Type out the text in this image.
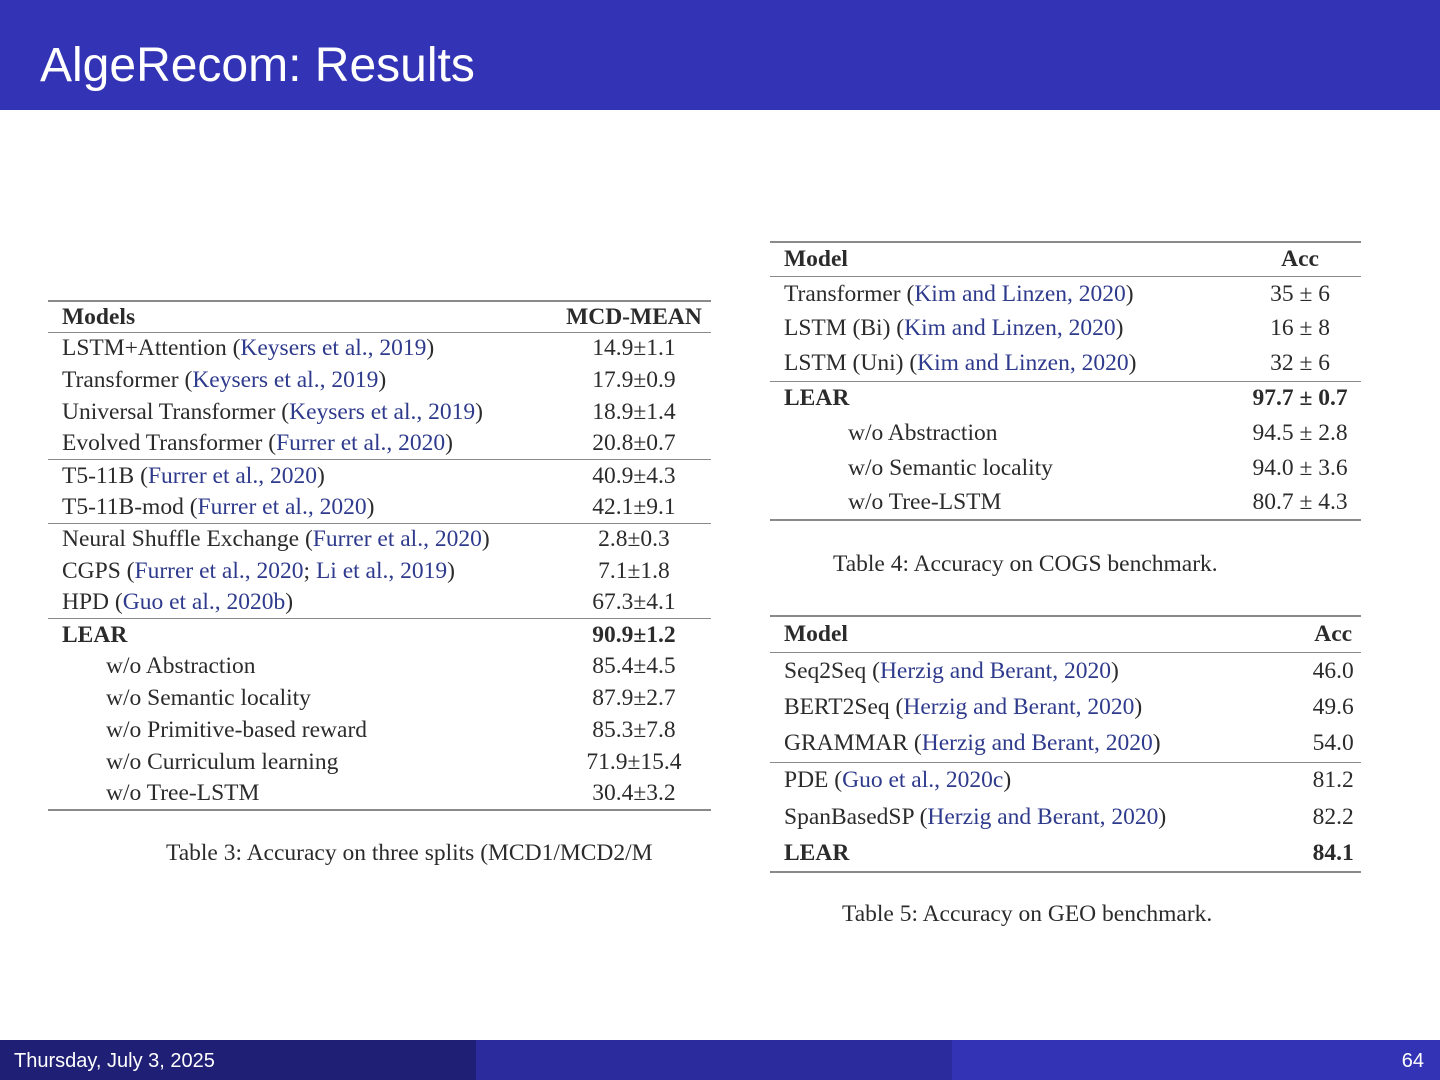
AlgeRecom: Results
Models	MCD-MEAN
LSTM+Attention (Keysers et al., 2019)	14.9±1.1
Transformer (Keysers et al., 2019)	17.9±0.9
Universal Transformer (Keysers et al., 2019)	18.9±1.4
Evolved Transformer (Furrer et al., 2020)	20.8±0.7
T5-11B (Furrer et al., 2020)	40.9±4.3
T5-11B-mod (Furrer et al., 2020)	42.1±9.1
Neural Shuffle Exchange (Furrer et al., 2020)	2.8±0.3
CGPS (Furrer et al., 2020; Li et al., 2019)	7.1±1.8
HPD (Guo et al., 2020b)	67.3±4.1
LEAR	90.9±1.2
w/o Abstraction	85.4±4.5
w/o Semantic locality	87.9±2.7
w/o Primitive-based reward	85.3±7.8
w/o Curriculum learning	71.9±15.4
w/o Tree-LSTM	30.4±3.2
Table 3: Accuracy on three splits (MCD1/MCD2/M
Model	Acc
Transformer (Kim and Linzen, 2020)	35 ± 6
LSTM (Bi) (Kim and Linzen, 2020)	16 ± 8
LSTM (Uni) (Kim and Linzen, 2020)	32 ± 6
LEAR	97.7 ± 0.7
w/o Abstraction	94.5 ± 2.8
w/o Semantic locality	94.0 ± 3.6
w/o Tree-LSTM	80.7 ± 4.3
Table 4: Accuracy on COGS benchmark.
Model	Acc
Seq2Seq (Herzig and Berant, 2020)	46.0
BERT2Seq (Herzig and Berant, 2020)	49.6
GRAMMAR (Herzig and Berant, 2020)	54.0
PDE (Guo et al., 2020c)	81.2
SpanBasedSP (Herzig and Berant, 2020)	82.2
LEAR	84.1
Table 5: Accuracy on GEO benchmark.
Thursday, July 3, 2025	64
